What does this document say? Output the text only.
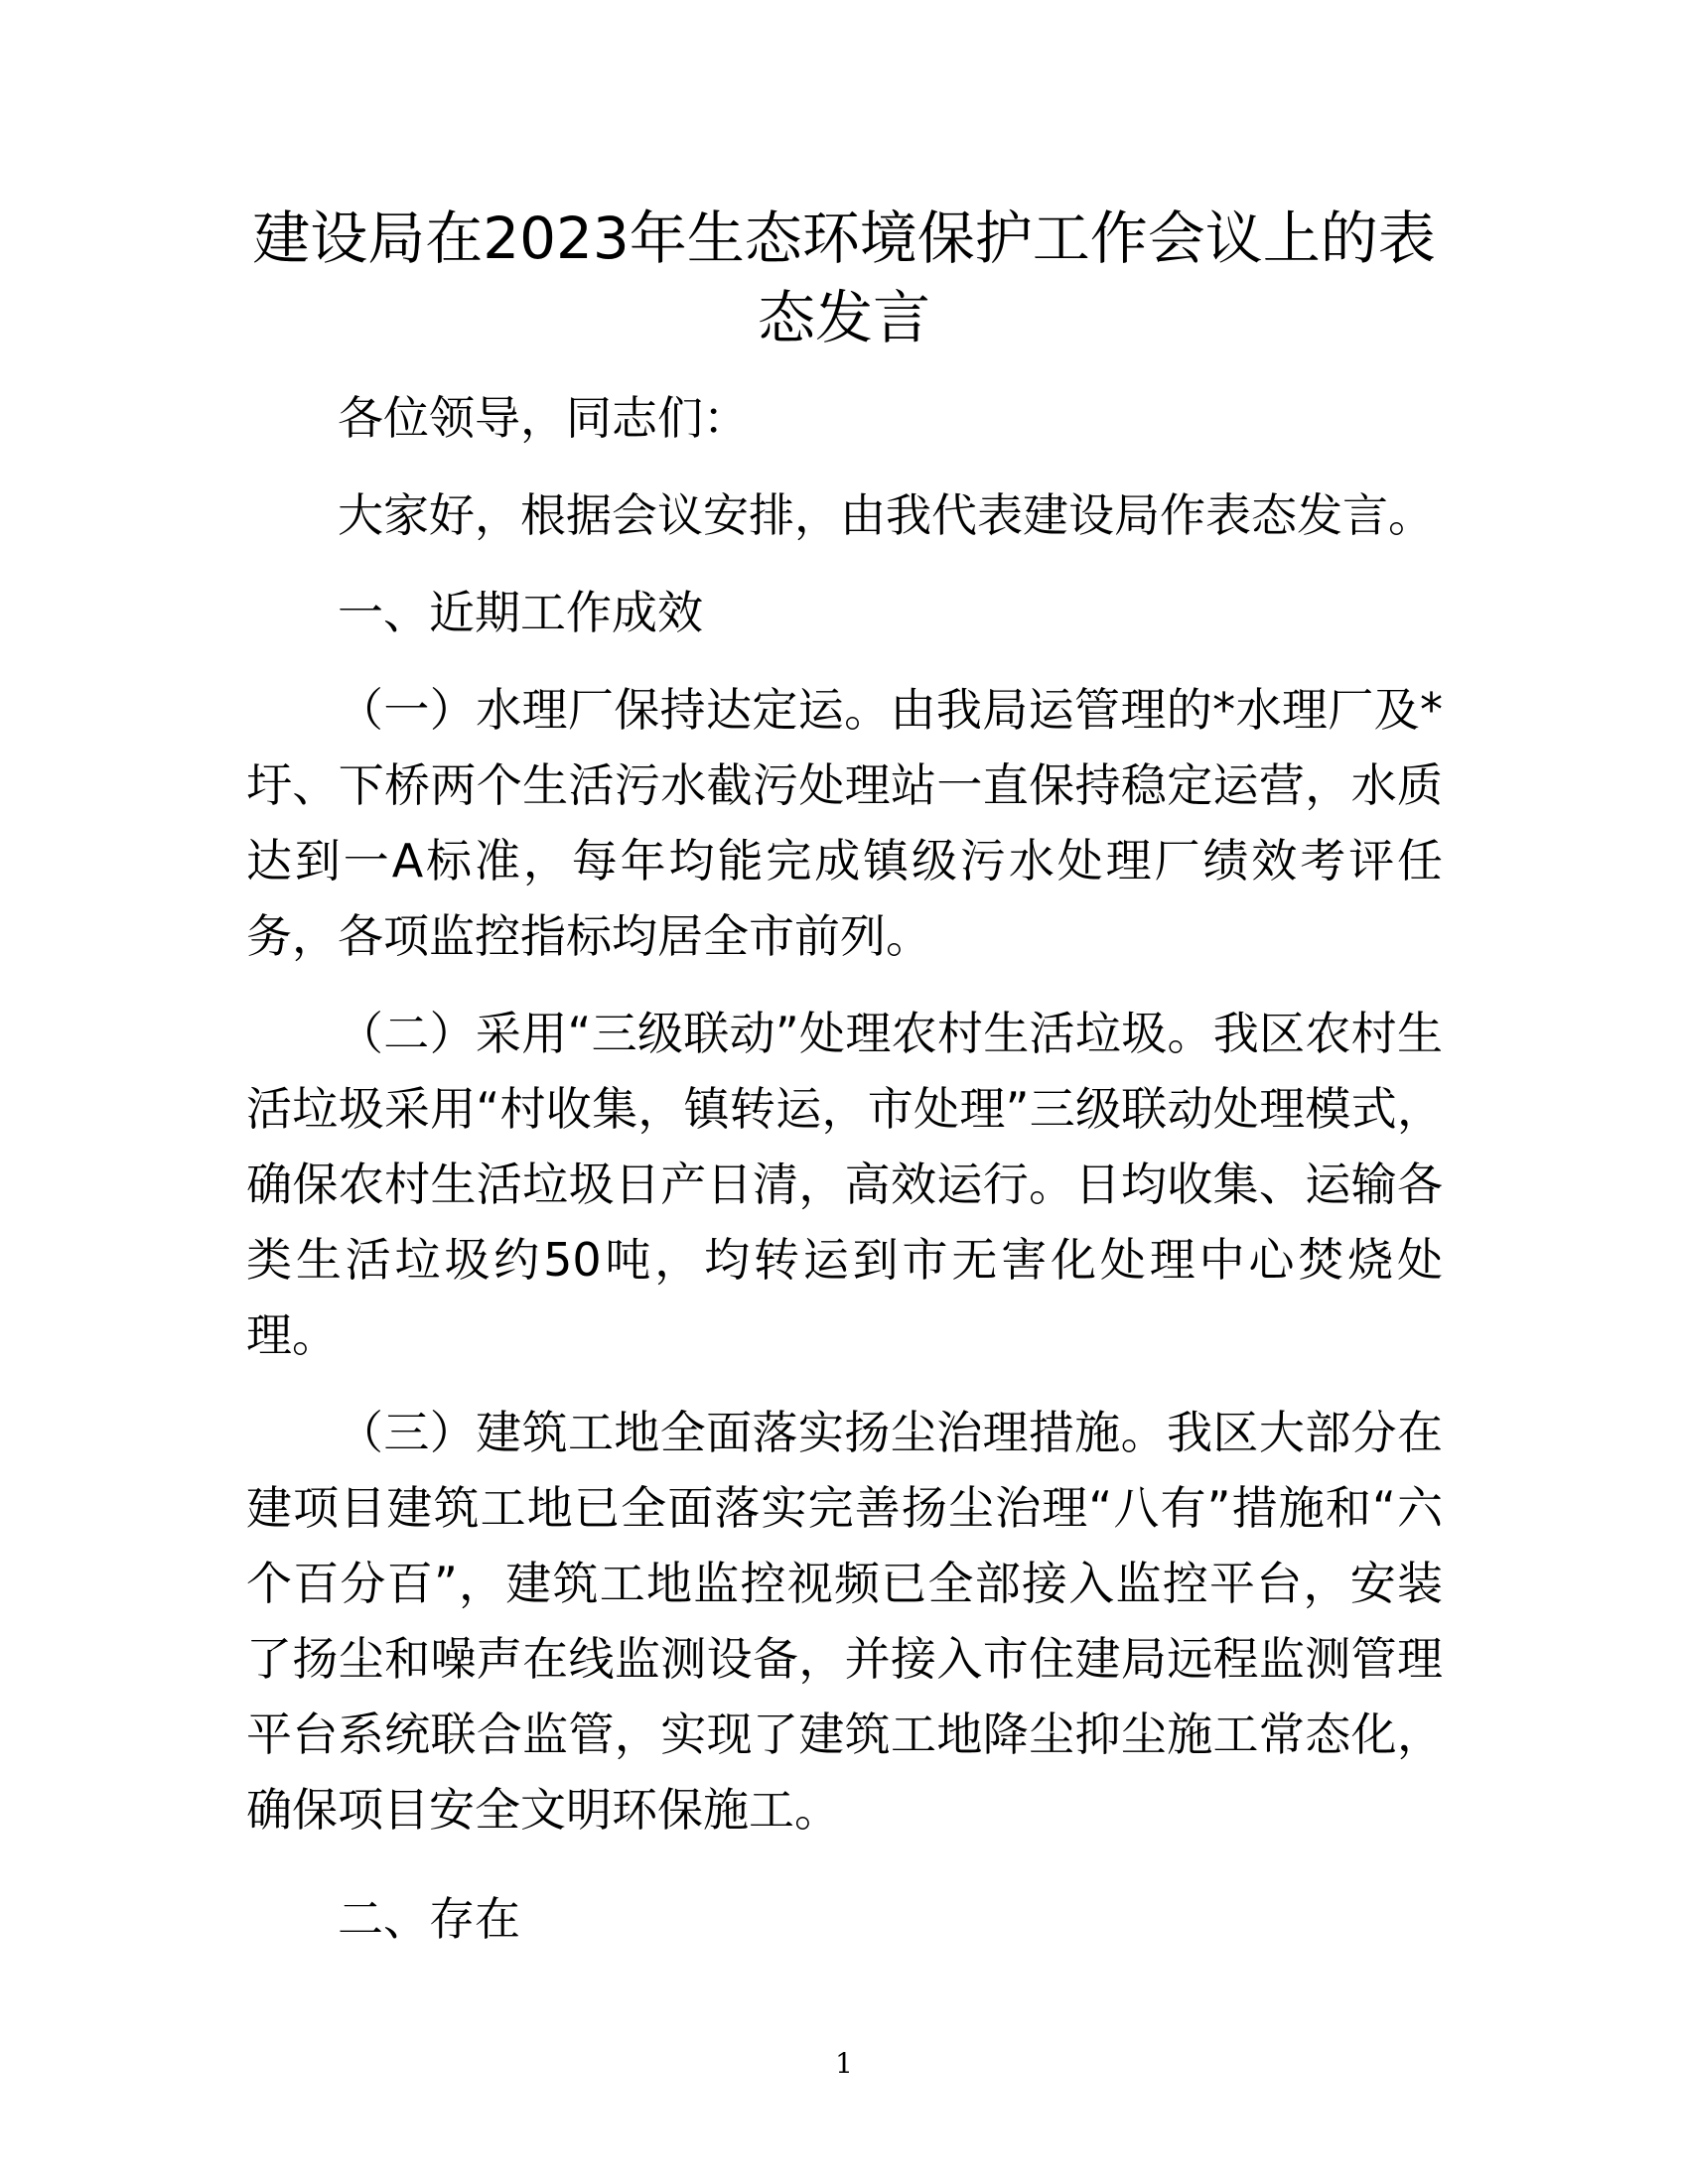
建设局在2023年生态环境保护工作会议上的表态发言

各位领导，同志们：

大家好，根据会议安排，由我代表建设局作表态发言。

一、近期工作成效

（一）水理厂保持达定运。由我局运管理的*水理厂及*圩、下桥两个生活污水截污处理站一直保持稳定运营，水质达到一A标准，每年均能完成镇级污水处理厂绩效考评任务，各项监控指标均居全市前列。

（二）采用“三级联动”处理农村生活垃圾。我区农村生活垃圾采用“村收集，镇转运，市处理”三级联动处理模式，确保农村生活垃圾日产日清，高效运行。日均收集、运输各类生活垃圾约50吨，均转运到市无害化处理中心焚烧处理。

（三）建筑工地全面落实扬尘治理措施。我区大部分在建项目建筑工地已全面落实完善扬尘治理“八有”措施和“六个百分百”，建筑工地监控视频已全部接入监控平台，安装了扬尘和噪声在线监测设备，并接入市住建局远程监测管理平台系统联合监管，实现了建筑工地降尘抑尘施工常态化，确保项目安全文明环保施工。

二、存在

1
